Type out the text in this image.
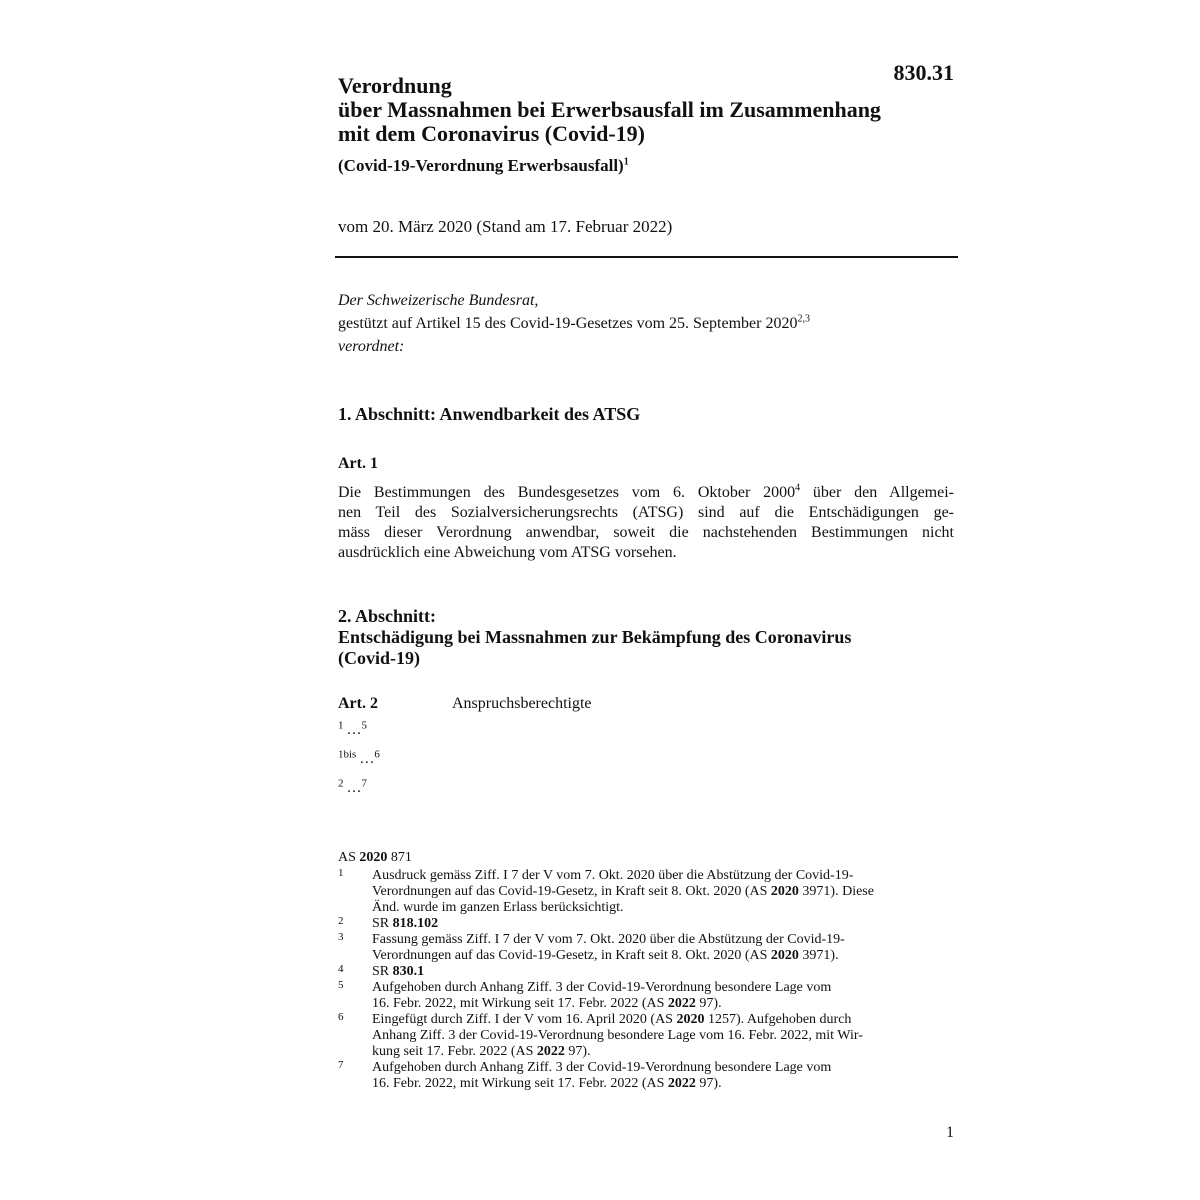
830.31
Verordnung
über Massnahmen bei Erwerbsausfall im Zusammenhang
mit dem Coronavirus (Covid-19)
(Covid-19-Verordnung Erwerbsausfall)$^1$
vom 20. März 2020 (Stand am 17. Februar 2022)
Der Schweizerische Bundesrat,
gestützt auf Artikel 15 des Covid-19-Gesetzes vom 25. September 2020$^{2,3}$
verordnet:
1. Abschnitt: Anwendbarkeit des ATSG
Art. 1
Die Bestimmungen des Bundesgesetzes vom 6. Oktober 2000$^4$ über den Allgemei-
nen Teil des Sozialversicherungsrechts (ATSG) sind auf die Entschädigungen ge-
mäss dieser Verordnung anwendbar, soweit die nachstehenden Bestimmungen nicht
ausdrücklich eine Abweichung vom ATSG vorsehen.
2. Abschnitt:
Entschädigung bei Massnahmen zur Bekämpfung des Coronavirus
(Covid-19)
Art. 2	Anspruchsberechtigte
$^1$ …$^5$
$^{1bis}$ …$^6$
$^2$ …$^7$
AS 2020 871
1 Ausdruck gemäss Ziff. I 7 der V vom 7. Okt. 2020 über die Abstützung der Covid-19-
Verordnungen auf das Covid-19-Gesetz, in Kraft seit 8. Okt. 2020 (AS 2020 3971). Diese
Änd. wurde im ganzen Erlass berücksichtigt.
2 SR 818.102
3 Fassung gemäss Ziff. I 7 der V vom 7. Okt. 2020 über die Abstützung der Covid-19-
Verordnungen auf das Covid-19-Gesetz, in Kraft seit 8. Okt. 2020 (AS 2020 3971).
4 SR 830.1
5 Aufgehoben durch Anhang Ziff. 3 der Covid-19-Verordnung besondere Lage vom
16. Febr. 2022, mit Wirkung seit 17. Febr. 2022 (AS 2022 97).
6 Eingefügt durch Ziff. I der V vom 16. April 2020 (AS 2020 1257). Aufgehoben durch
Anhang Ziff. 3 der Covid-19-Verordnung besondere Lage vom 16. Febr. 2022, mit Wir-
kung seit 17. Febr. 2022 (AS 2022 97).
7 Aufgehoben durch Anhang Ziff. 3 der Covid-19-Verordnung besondere Lage vom
16. Febr. 2022, mit Wirkung seit 17. Febr. 2022 (AS 2022 97).
1
